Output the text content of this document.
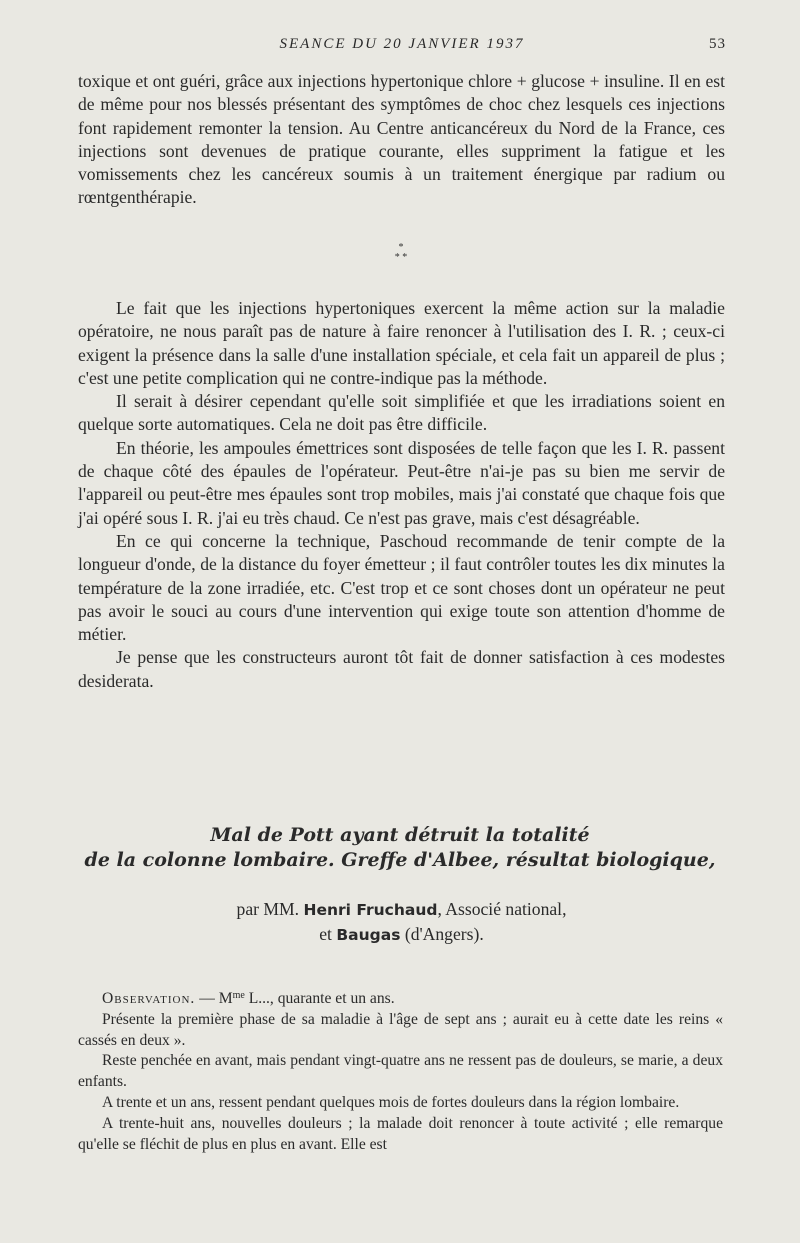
SEANCE DU 20 JANVIER 1937	53

toxique et ont guéri, grâce aux injections hypertonique chlore + glucose + insuline. Il en est de même pour nos blessés présentant des symptômes de choc chez lesquels ces injections font rapidement remonter la tension. Au Centre anticancéreux du Nord de la France, ces injections sont devenues de pratique courante, elles suppriment la fatigue et les vomissements chez les cancéreux soumis à un traitement énergique par radium ou rœntgenthérapie.

*
* *

Le fait que les injections hypertoniques exercent la même action sur la maladie opératoire, ne nous paraît pas de nature à faire renoncer à l'utilisation des I. R. ; ceux-ci exigent la présence dans la salle d'une installation spéciale, et cela fait un appareil de plus ; c'est une petite complication qui ne contre-indique pas la méthode.

Il serait à désirer cependant qu'elle soit simplifiée et que les irradiations soient en quelque sorte automatiques. Cela ne doit pas être difficile.

En théorie, les ampoules émettrices sont disposées de telle façon que les I. R. passent de chaque côté des épaules de l'opérateur. Peut-être n'ai-je pas su bien me servir de l'appareil ou peut-être mes épaules sont trop mobiles, mais j'ai constaté que chaque fois que j'ai opéré sous I. R. j'ai eu très chaud. Ce n'est pas grave, mais c'est désagréable.

En ce qui concerne la technique, Paschoud recommande de tenir compte de la longueur d'onde, de la distance du foyer émetteur ; il faut contrôler toutes les dix minutes la température de la zone irradiée, etc. C'est trop et ce sont choses dont un opérateur ne peut pas avoir le souci au cours d'une intervention qui exige toute son attention d'homme de métier.

Je pense que les constructeurs auront tôt fait de donner satisfaction à ces modestes desiderata.

Mal de Pott ayant détruit la totalité
de la colonne lombaire. Greffe d'Albee, résultat biologique,
par MM. Henri Fruchaud, Associé national,
et Baugas (d'Angers).

Observation. — $M^{me}$ L..., quarante et un ans.

Présente la première phase de sa maladie à l'âge de sept ans ; aurait eu à cette date les reins « cassés en deux ».

Reste penchée en avant, mais pendant vingt-quatre ans ne ressent pas de douleurs, se marie, a deux enfants.

A trente et un ans, ressent pendant quelques mois de fortes douleurs dans la région lombaire.

A trente-huit ans, nouvelles douleurs ; la malade doit renoncer à toute activité ; elle remarque qu'elle se fléchit de plus en plus en avant. Elle est
